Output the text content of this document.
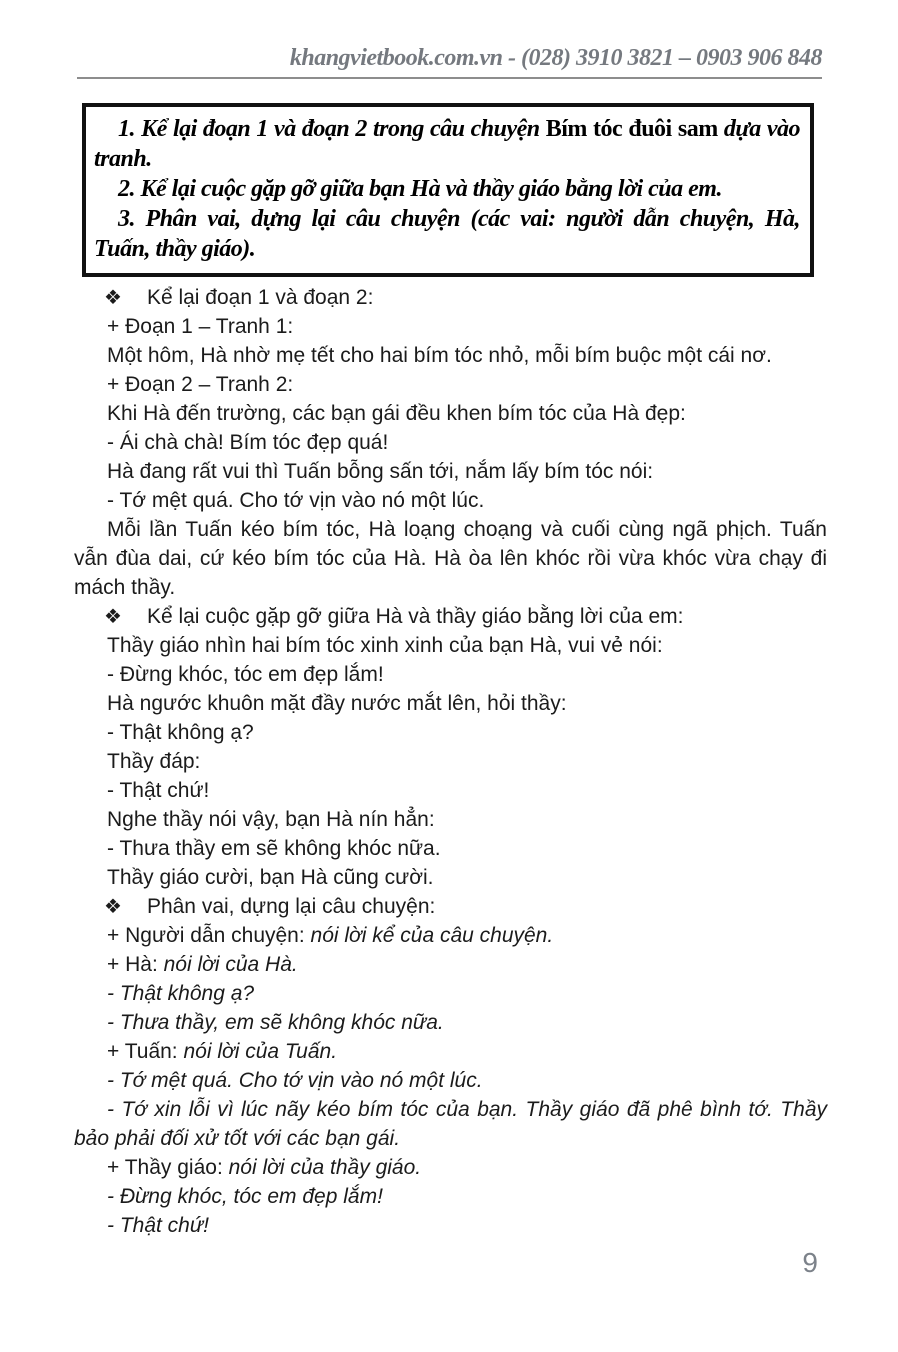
khangvietbook.com.vn - (028) 3910 3821 – 0903 906 848

1. Kể lại đoạn 1 và đoạn 2 trong câu chuyện Bím tóc đuôi sam dựa vào tranh.

2. Kể lại cuộc gặp gỡ giữa bạn Hà và thầy giáo bằng lời của em.

3. Phân vai, dựng lại câu chuyện (các vai: người dẫn chuyện, Hà, Tuấn, thầy giáo).

❖ Kể lại đoạn 1 và đoạn 2:

+ Đoạn 1 – Tranh 1:

Một hôm, Hà nhờ mẹ tết cho hai bím tóc nhỏ, mỗi bím buộc một cái nơ.

+ Đoạn 2 – Tranh 2:

Khi Hà đến trường, các bạn gái đều khen bím tóc của Hà đẹp:

- Ái chà chà! Bím tóc đẹp quá!

Hà đang rất vui thì Tuấn bỗng sấn tới, nắm lấy bím tóc nói:

- Tớ mệt quá. Cho tớ vịn vào nó một lúc.

Mỗi lần Tuấn kéo bím tóc, Hà loạng choạng và cuối cùng ngã phịch. Tuấn vẫn đùa dai, cứ kéo bím tóc của Hà. Hà òa lên khóc rồi vừa khóc vừa chạy đi mách thầy.

❖ Kể lại cuộc gặp gỡ giữa Hà và thầy giáo bằng lời của em:

Thầy giáo nhìn hai bím tóc xinh xinh của bạn Hà, vui vẻ nói:

- Đừng khóc, tóc em đẹp lắm!

Hà ngước khuôn mặt đầy nước mắt lên, hỏi thầy:

- Thật không ạ?

Thầy đáp:

- Thật chứ!

Nghe thầy nói vậy, bạn Hà nín hẳn:

- Thưa thầy em sẽ không khóc nữa.

Thầy giáo cười, bạn Hà cũng cười.

❖ Phân vai, dựng lại câu chuyện:

+ Người dẫn chuyện: nói lời kể của câu chuyện.

+ Hà: nói lời của Hà.

- Thật không ạ?

- Thưa thầy, em sẽ không khóc nữa.

+ Tuấn: nói lời của Tuấn.

- Tớ mệt quá. Cho tớ vịn vào nó một lúc.

- Tớ xin lỗi vì lúc nãy kéo bím tóc của bạn. Thầy giáo đã phê bình tớ. Thầy bảo phải đối xử tốt với các bạn gái.

+ Thầy giáo: nói lời của thầy giáo.

- Đừng khóc, tóc em đẹp lắm!

- Thật chứ!

9
